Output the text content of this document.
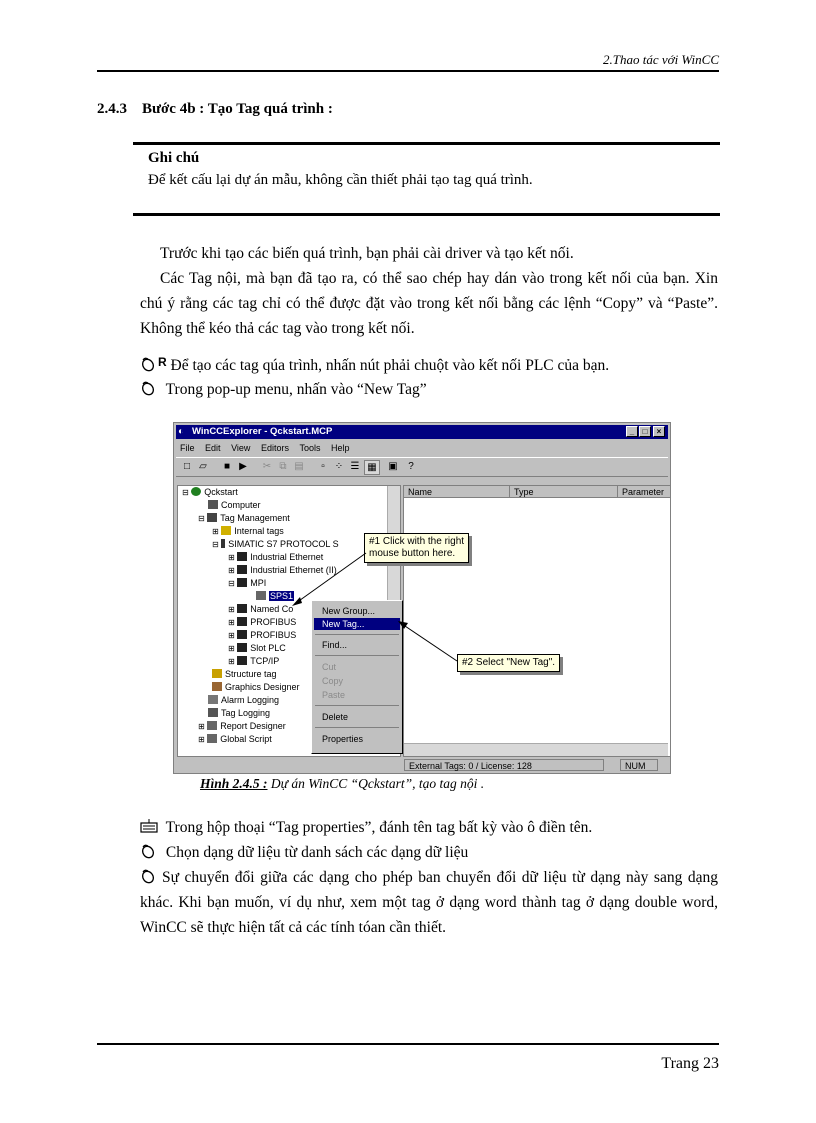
2.Thao tác với WinCC
2.4.3 Bước 4b : Tạo Tag quá trình :
Ghi chú
Để kết cấu lại dự án mẫu, không cần thiết phải tạo tag quá trình.

Trước khi tạo các biến quá trình, bạn phải cài driver và tạo kết nối.

Các Tag nội, mà bạn đã tạo ra, có thể sao chép hay dán vào trong kết nối của bạn. Xin chú ý rằng các tag chỉ có thể được đặt vào trong kết nối bằng các lệnh “Copy” và “Paste”. Không thể kéo thả các tag vào trong kết nối.

$^R$ Để tạo các tag qúa trình, nhấn nút phải chuột vào kết nối PLC của bạn.
Trong pop-up menu, nhấn vào “New Tag”
◐ WinCCExplorer - Qckstart.MCP	_	□	×
File Edit View Editors Tools Help
□ ▱	■ ▶	✂ ⧉ ▤	▫	⁘ ☰ ▦	▣	?
⊟ Qckstart
Computer
⊟ Tag Management
⊞ Internal tags
⊟ SIMATIC S7 PROTOCOL S
⊞ Industrial Ethernet
⊞ Industrial Ethernet (II)
⊟ MPI
SPS1
⊞ Named Co
⊞ PROFIBUS
⊞ PROFIBUS
⊞ Slot PLC
⊞ TCP/IP
Structure tag
Graphics Designer
Alarm Logging
Tag Logging
⊞ Report Designer
⊞ Global Script
Name	Type	Parameter
New Group...
New Tag...
Find...
Cut
Copy
Paste
Delete
Properties
#1 Click with the right
mouse button here.
#2 Select "New Tag".
External Tags: 0 / License: 128	NUM
Hình 2.4.5 : Dự án WinCC “Qckstart”, tạo tag nội .
Trong hộp thoại “Tag properties”, đánh tên tag bất kỳ vào ô điền tên.
Chọn dạng dữ liệu từ danh sách các dạng dữ liệu

Sự chuyển đổi giữa các dạng cho phép ban chuyển đổi dữ liệu từ dạng này sang dạng khác. Khi bạn muốn, ví dụ như, xem một tag ở dạng word thành tag ở dạng double word, WinCC sẽ thực hiện tất cả các tính tóan cần thiết.

Trang 23
